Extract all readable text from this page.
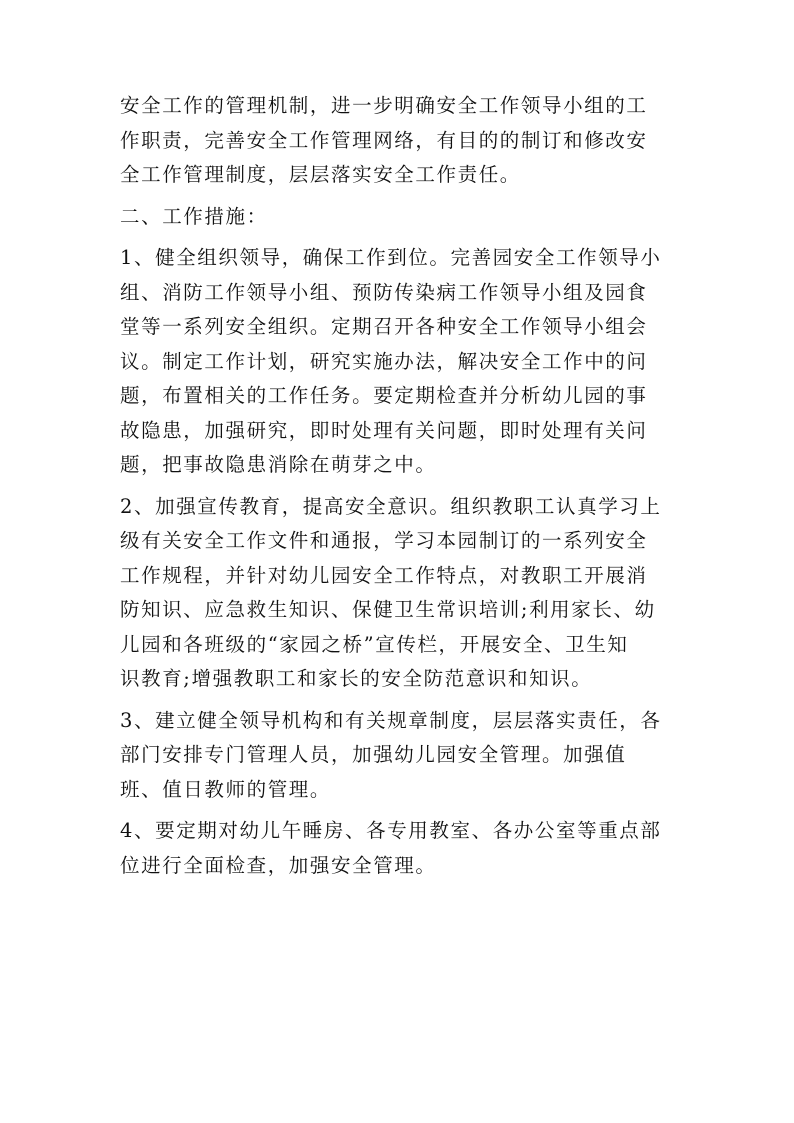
安全工作的管理机制，进一步明确安全工作领导小组的工
作职责，完善安全工作管理网络，有目的的制订和修改安
全工作管理制度，层层落实安全工作责任。
二、工作措施：
1、健全组织领导，确保工作到位。完善园安全工作领导小
组、消防工作领导小组、预防传染病工作领导小组及园食
堂等一系列安全组织。定期召开各种安全工作领导小组会
议。制定工作计划，研究实施办法，解决安全工作中的问
题，布置相关的工作任务。要定期检查并分析幼儿园的事
故隐患，加强研究，即时处理有关问题，即时处理有关问
题，把事故隐患消除在萌芽之中。
2、加强宣传教育，提高安全意识。组织教职工认真学习上
级有关安全工作文件和通报，学习本园制订的一系列安全
工作规程，并针对幼儿园安全工作特点，对教职工开展消
防知识、应急救生知识、保健卫生常识培训;利用家长、幼
儿园和各班级的“家园之桥”宣传栏，开展安全、卫生知
识教育;增强教职工和家长的安全防范意识和知识。
3、建立健全领导机构和有关规章制度，层层落实责任，各
部门安排专门管理人员，加强幼儿园安全管理。加强值
班、值日教师的管理。
4、要定期对幼儿午睡房、各专用教室、各办公室等重点部
位进行全面检查，加强安全管理。
